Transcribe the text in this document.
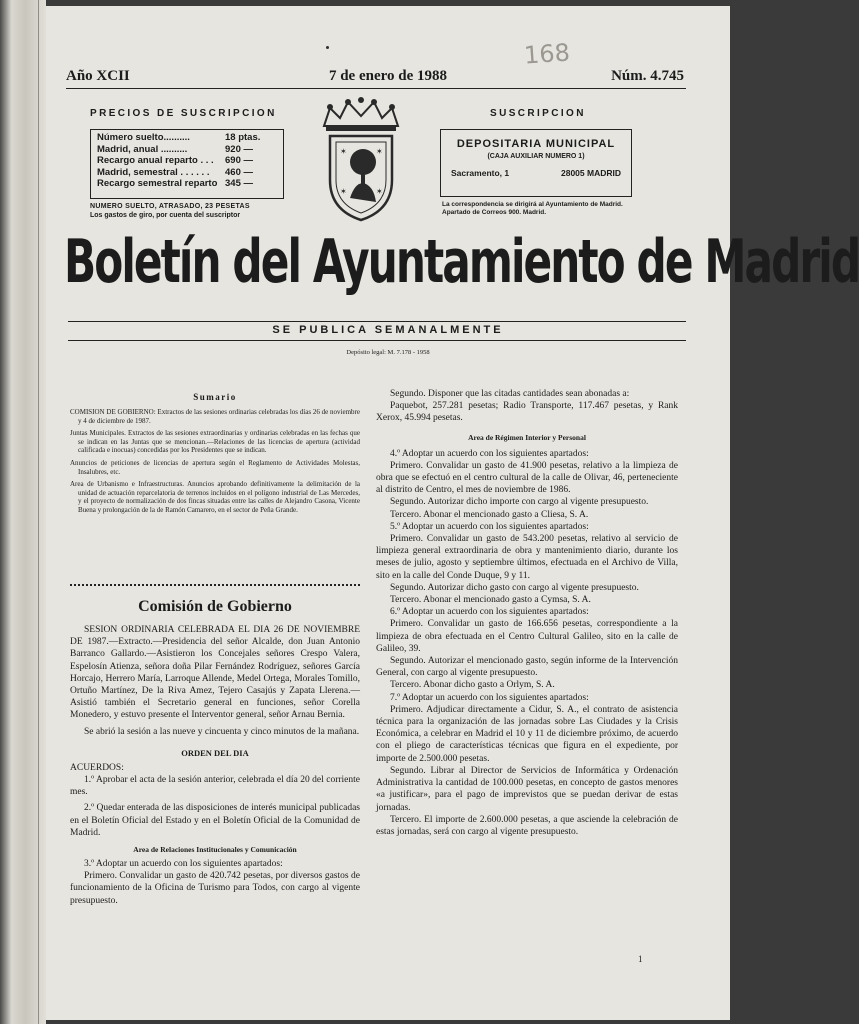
168
Año XCII	7 de enero de 1988	Núm. 4.745
PRECIOS DE SUSCRIPCION
Número suelto..........	18 ptas.
Madrid, anual ..........	920 —
Recargo anual reparto . . .	690 —
Madrid, semestral . . . . . .	460 —
Recargo semestral reparto 345 —
NUMERO SUELTO, ATRASADO, 23 PESETAS
Los gastos de giro, por cuenta del suscriptor
✶	✶
✶	✶
SUSCRIPCION
DEPOSITARIA MUNICIPAL
(CAJA AUXILIAR NUMERO 1)
Sacramento, 1	28005 MADRID
La correspondencia se dirigirá al Ayuntamiento de Madrid. Apartado de Correos 900. Madrid.
Boletín del Ayuntamiento de Madrid
SE PUBLICA SEMANALMENTE
Depósito legal: M. 7.178 - 1958
Sumario
COMISION DE GOBIERNO: Extractos de las sesiones ordinarias celebradas los días 26 de noviembre y 4 de diciembre de 1987.
Juntas Municipales. Extractos de las sesiones extraordinarias y ordinarias celebradas en las fechas que se indican en las Juntas que se mencionan.—Relaciones de las licencias de apertura (actividad calificada e inocuas) concedidas por los Presidentes que se indican.
Anuncios de peticiones de licencias de apertura según el Reglamento de Actividades Molestas, Insalubres, etc.
Area de Urbanismo e Infraestructuras. Anuncios aprobando definitivamente la delimitación de la unidad de actuación reparcelatoria de terrenos incluidos en el polígono industrial de Las Mercedes, y el proyecto de normalización de dos fincas situadas entre las calles de Alejandro Casona, Vicente Buena y prolongación de la de Ramón Camarero, en el sector de Peña Grande.
Comisión de Gobierno

SESION ORDINARIA CELEBRADA EL DIA 26 DE NOVIEMBRE DE 1987.—Extracto.—Presidencia del señor Alcalde, don Juan Antonio Barranco Gallardo.—Asistieron los Concejales señores Crespo Valera, Espelosín Atienza, señora doña Pilar Fernández Rodríguez, señores García Horcajo, Herrero María, Larroque Allende, Medel Ortega, Morales Tomillo, Ortuño Martínez, De la Riva Amez, Tejero Casajús y Zapata Llerena.—Asistió también el Secretario general en funciones, señor Corella Monedero, y estuvo presente el Interventor general, señor Arnau Bernia.

Se abrió la sesión a las nueve y cincuenta y cinco minutos de la mañana.

ORDEN DEL DIA
ACUERDOS:

1.º Aprobar el acta de la sesión anterior, celebrada el día 20 del corriente mes.

2.º Quedar enterada de las disposiciones de interés municipal publicadas en el Boletín Oficial del Estado y en el Boletín Oficial de la Comunidad de Madrid.

Area de Relaciones Institucionales y Comunicación

3.º Adoptar un acuerdo con los siguientes apartados:

Primero. Convalidar un gasto de 420.742 pesetas, por diversos gastos de funcionamiento de la Oficina de Turismo para Todos, con cargo al vigente presupuesto.

Segundo. Disponer que las citadas cantidades sean abonadas a:

Paquebot, 257.281 pesetas; Radio Transporte, 117.467 pesetas, y Rank Xerox, 45.994 pesetas.

Area de Régimen Interior y Personal

4.º Adoptar un acuerdo con los siguientes apartados:

Primero. Convalidar un gasto de 41.900 pesetas, relativo a la limpieza de obra que se efectuó en el centro cultural de la calle de Olivar, 46, perteneciente al distrito de Centro, el mes de noviembre de 1986.

Segundo. Autorizar dicho importe con cargo al vigente presupuesto.

Tercero. Abonar el mencionado gasto a Cliesa, S. A.

5.º Adoptar un acuerdo con los siguientes apartados:

Primero. Convalidar un gasto de 543.200 pesetas, relativo al servicio de limpieza general extraordinaria de obra y mantenimiento diario, durante los meses de julio, agosto y septiembre últimos, efectuada en el Archivo de Villa, sito en la calle del Conde Duque, 9 y 11.

Segundo. Autorizar dicho gasto con cargo al vigente presupuesto.

Tercero. Abonar el mencionado gasto a Cymsa, S. A.

6.º Adoptar un acuerdo con los siguientes apartados:

Primero. Convalidar un gasto de 166.656 pesetas, correspondiente a la limpieza de obra efectuada en el Centro Cultural Galileo, sito en la calle de Galileo, 39.

Segundo. Autorizar el mencionado gasto, según informe de la Intervención General, con cargo al vigente presupuesto.

Tercero. Abonar dicho gasto a Orlym, S. A.

7.º Adoptar un acuerdo con los siguientes apartados:

Primero. Adjudicar directamente a Cidur, S. A., el contrato de asistencia técnica para la organización de las jornadas sobre Las Ciudades y la Crisis Económica, a celebrar en Madrid el 10 y 11 de diciembre próximo, de acuerdo con el pliego de características técnicas que figura en el expediente, por importe de 2.500.000 pesetas.

Segundo. Librar al Director de Servicios de Informática y Ordenación Administrativa la cantidad de 100.000 pesetas, en concepto de gastos menores «a justificar», para el pago de imprevistos que se puedan derivar de estas jornadas.

Tercero. El importe de 2.600.000 pesetas, a que asciende la celebración de estas jornadas, será con cargo al vigente presupuesto.

1
